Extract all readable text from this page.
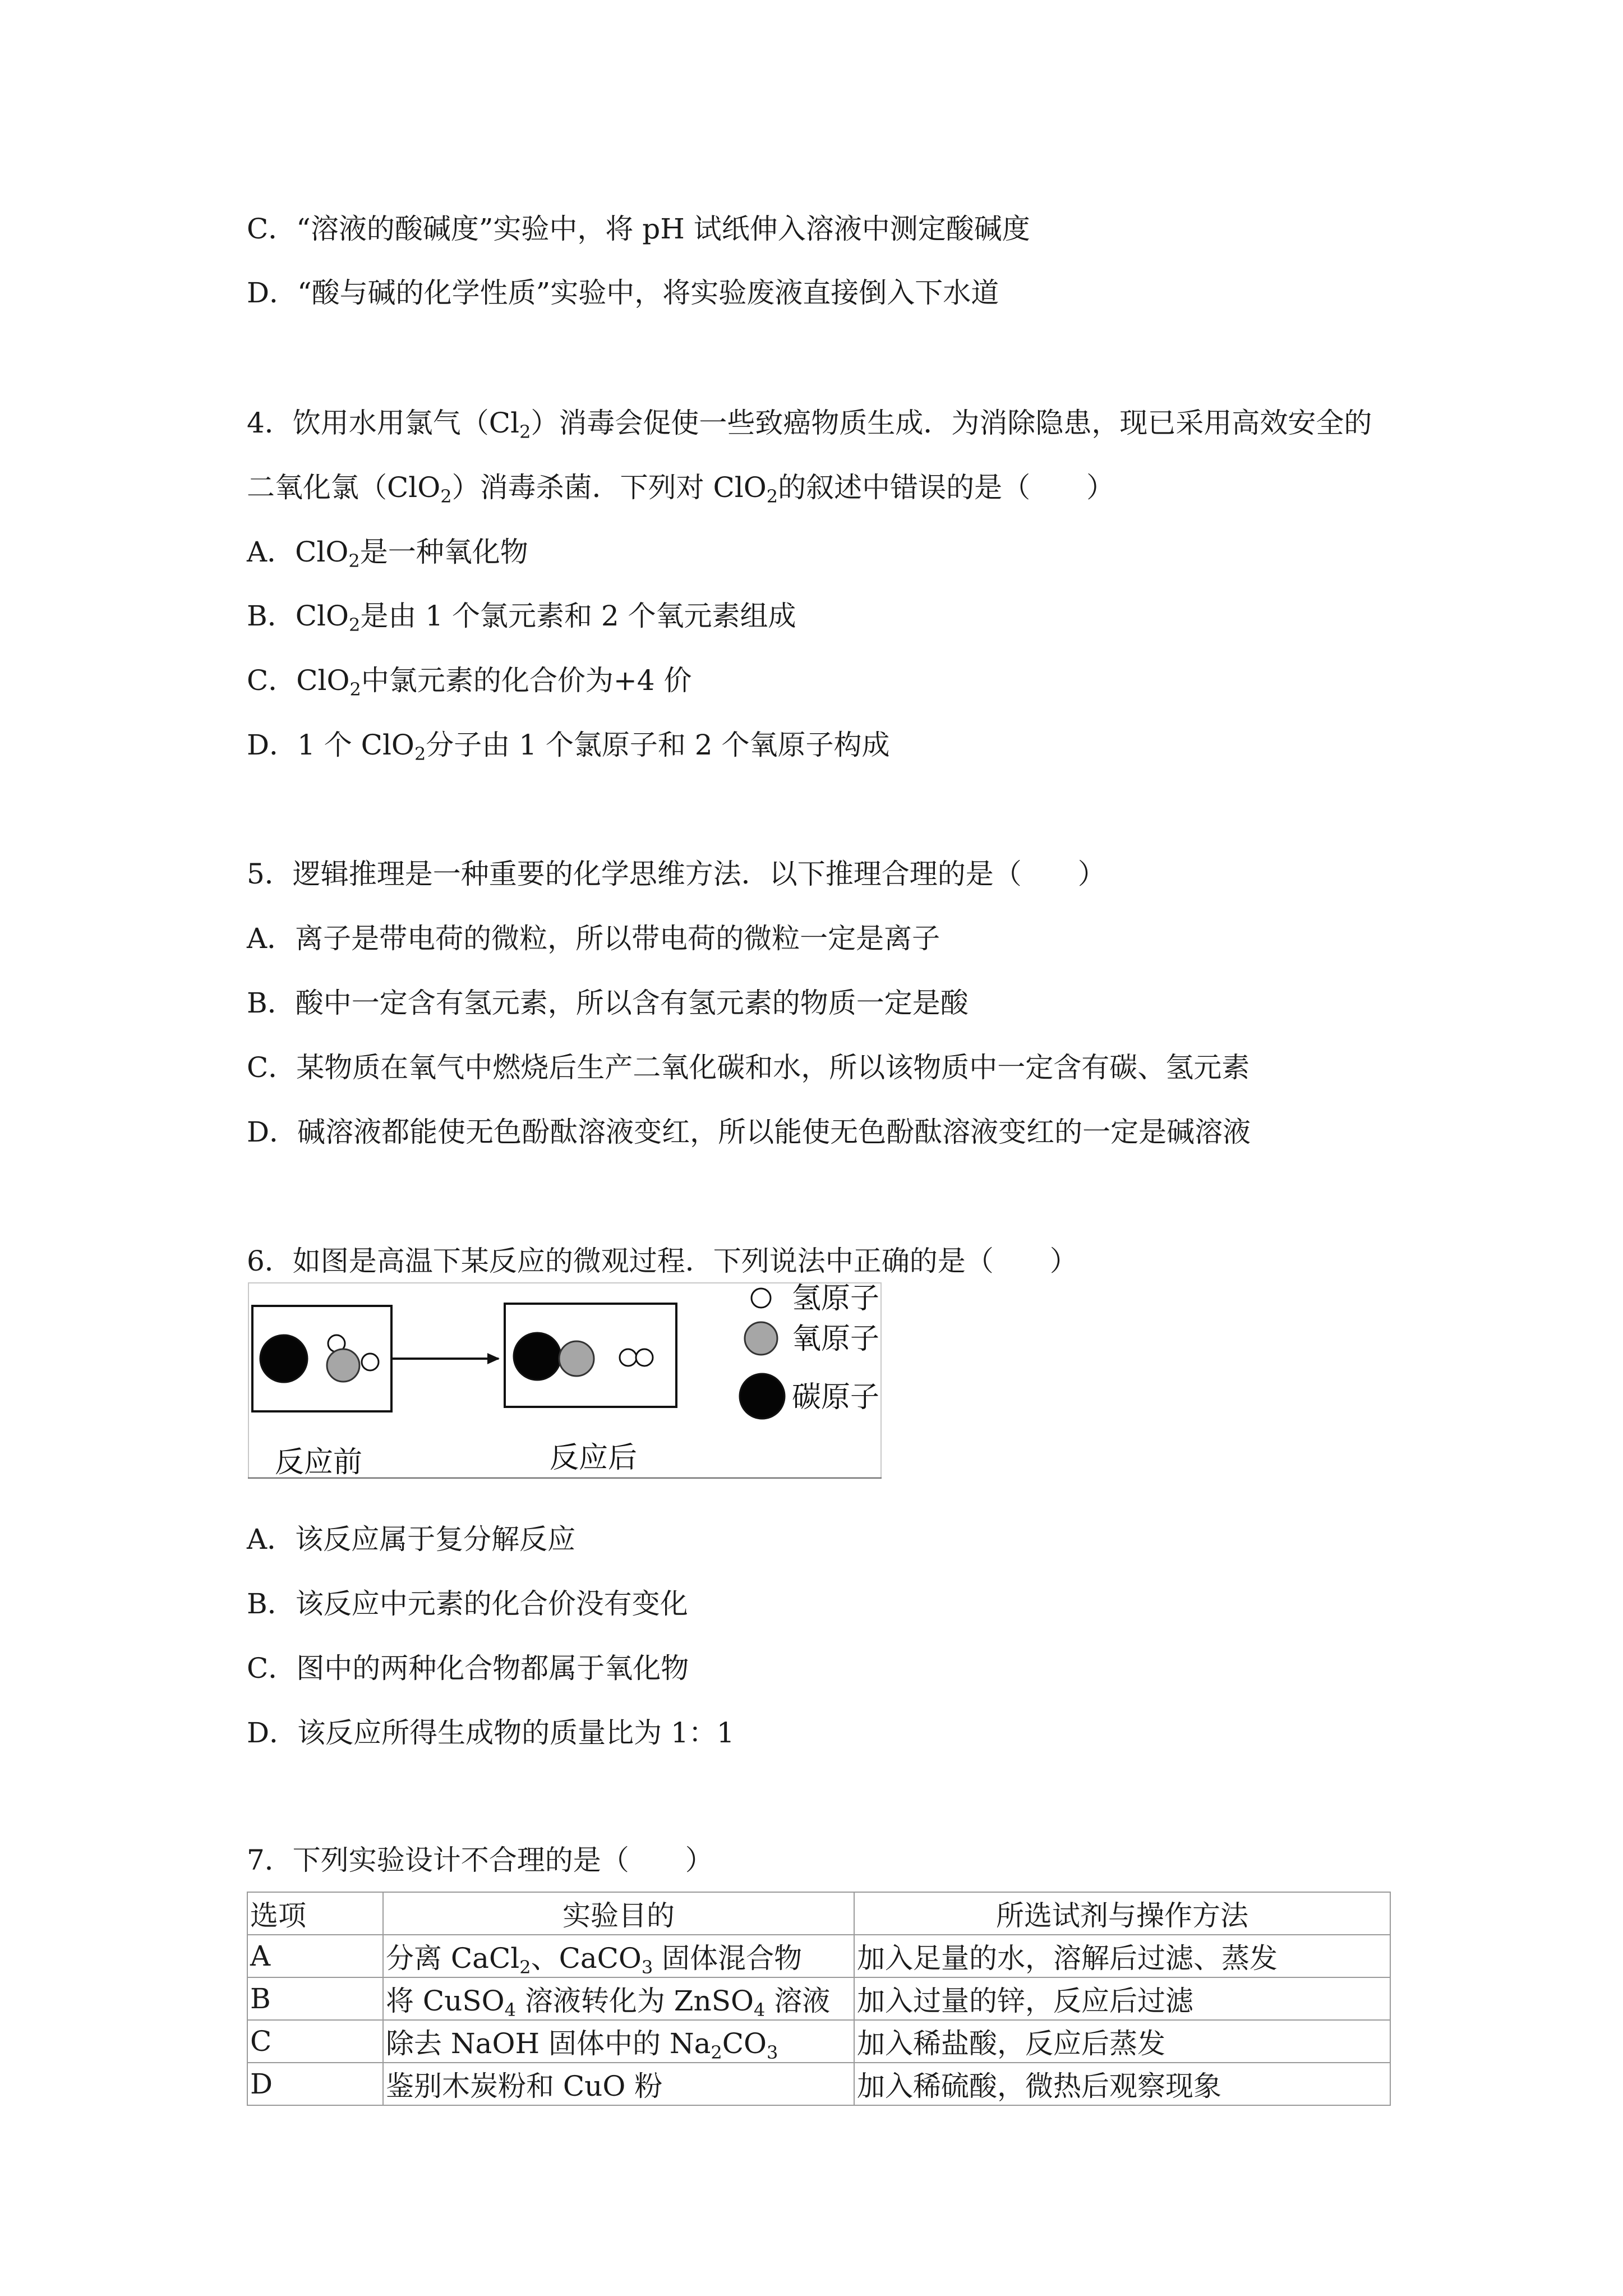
C．“溶液的酸碱度”实验中，将 pH 试纸伸入溶液中测定酸碱度
D．“酸与碱的化学性质”实验中，将实验废液直接倒入下水道
4．饮用水用氯气$(Cl_2)$消毒会促使一些致癌物质生成．为消除隐患，现已采用高效安全的
二氧化氯（ClO$_2$）消毒杀菌．下列对 ClO$_2$的叙述中错误的是（　　）
A．ClO$_2$是一种氧化物
B．ClO$_2$是由 1 个氯元素和 2 个氧元素组成
C．ClO$_2$中氯元素的化合价为+4 价
D．1 个 ClO$_2$分子由 1 个氯原子和 2 个氧原子构成
5．逻辑推理是一种重要的化学思维方法．以下推理合理的是（　　）
A．离子是带电荷的微粒，所以带电荷的微粒一定是离子
B．酸中一定含有氢元素，所以含有氢元素的物质一定是酸
C．某物质在氧气中燃烧后生产二氧化碳和水，所以该物质中一定含有碳、氢元素
D．碱溶液都能使无色酚酞溶液变红，所以能使无色酚酞溶液变红的一定是碱溶液
6．如图是高温下某反应的微观过程．下列说法中正确的是（　　）
反应前	反应后
氢原子
氧原子
碳原子
A．该反应属于复分解反应
B．该反应中元素的化合价没有变化
C．图中的两种化合物都属于氧化物
D．该反应所得生成物的质量比为 1：1
7．下列实验设计不合理的是（　　）
选项	实验目的	所选试剂与操作方法
A	分离 CaCl$_2$、CaCO$_3$ 固体混合物	加入足量的水，溶解后过滤、蒸发
B	将 CuSO$_4$ 溶液转化为 ZnSO$_4$ 溶液	加入过量的锌，反应后过滤
C	除去 NaOH 固体中的 $Na_2CO_3$	加入稀盐酸，反应后蒸发
D	鉴别木炭粉和 CuO 粉	加入稀硫酸，微热后观察现象
